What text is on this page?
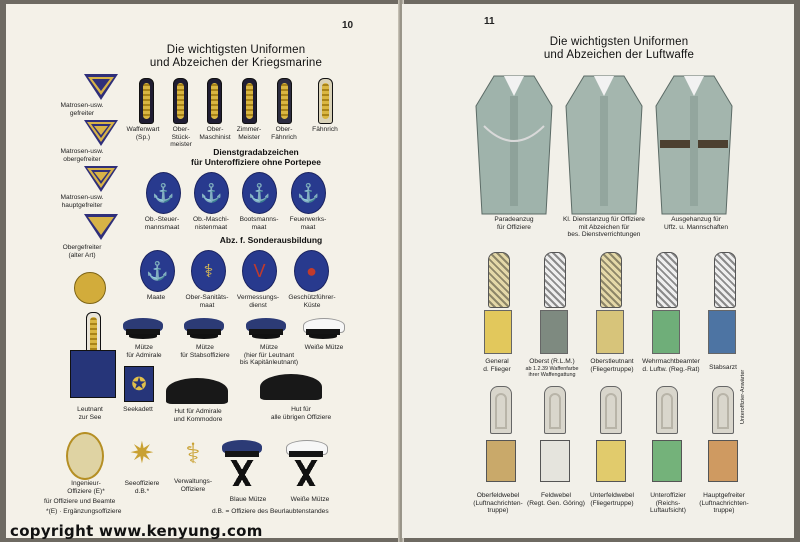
10
Die wichtigsten Uniformen
und Abzeichen der Kriegsmarine
Matrosen-usw.
gefreiter
Matrosen-usw.
obergefreiter
Matrosen-usw.
hauptgefreiter
Obergefreiter
(alter Art)
Waffenwart
(Sp.)
Ober-
Stück-
meister
Ober-
Maschinist
Zimmer-
Meister
Ober-
Fähnrich
Fähnrich
Dienstgradabzeichen
für Unteroffiziere ohne Portepee
⚓	⚓	⚓	⚓
Ob.-Steuer-
mannsmaat
Ob.-Maschi-
nistenmaat
Bootsmanns-
maat
Feuerwerks-
maat
Abz. f. Sonderausbildung
⚓	⚕	V	●
Maate	Ober-Sanitäts-
maat
Vermessungs-
dienst
Geschützführer-
Küste
Mütze
für Admirale
Mütze
für Stabsoffiziere
Mütze
(hier für Leutnant
bis Kapitänleutnant)
Weiße Mütze
Leutnant
zur See
✪
Seekadett	Hut für Admirale
und Kommodore
Hut für
alle übrigen Offiziere
Ingenieur-
Offiziere (E)*
✷
Seeoffiziere
d.B.*
⚕
Verwaltungs-
Offiziere
Blaue Mütze	Weiße Mütze
für Offiziere und Beamte
*(E) · Ergänzungsoffiziere	d.B. = Offiziere des Beurlaubtenstandes
11
Die wichtigsten Uniformen
und Abzeichen der Luftwaffe
Paradeanzug
für Offiziere
Kl. Dienstanzug für Offiziere
mit Abzeichen für
bes. Dienstverrichtungen
Ausgehanzug für
Uffz. u. Mannschaften
General
d. Flieger
Oberst (R.L.M.)
ab 1.2.39 Waffenfarbe
ihrer Waffengattung
Oberstleutnant
(Fliegertruppe)
Wehrmachtbeamter
d. Luftw. (Reg.-Rat)	Stabsarzt
Unteroffizier-Anwärter
Oberfeldwebel
(Luftnachrichten-
truppe)
Feldwebel
(Regt. Gen. Göring)
Unterfeldwebel
(Fliegertruppe)
Unteroffizier
(Reichs-
Luftaufsicht)
Hauptgefreiter
(Luftnachrichten-
truppe)
copyright www.kenyung.com
